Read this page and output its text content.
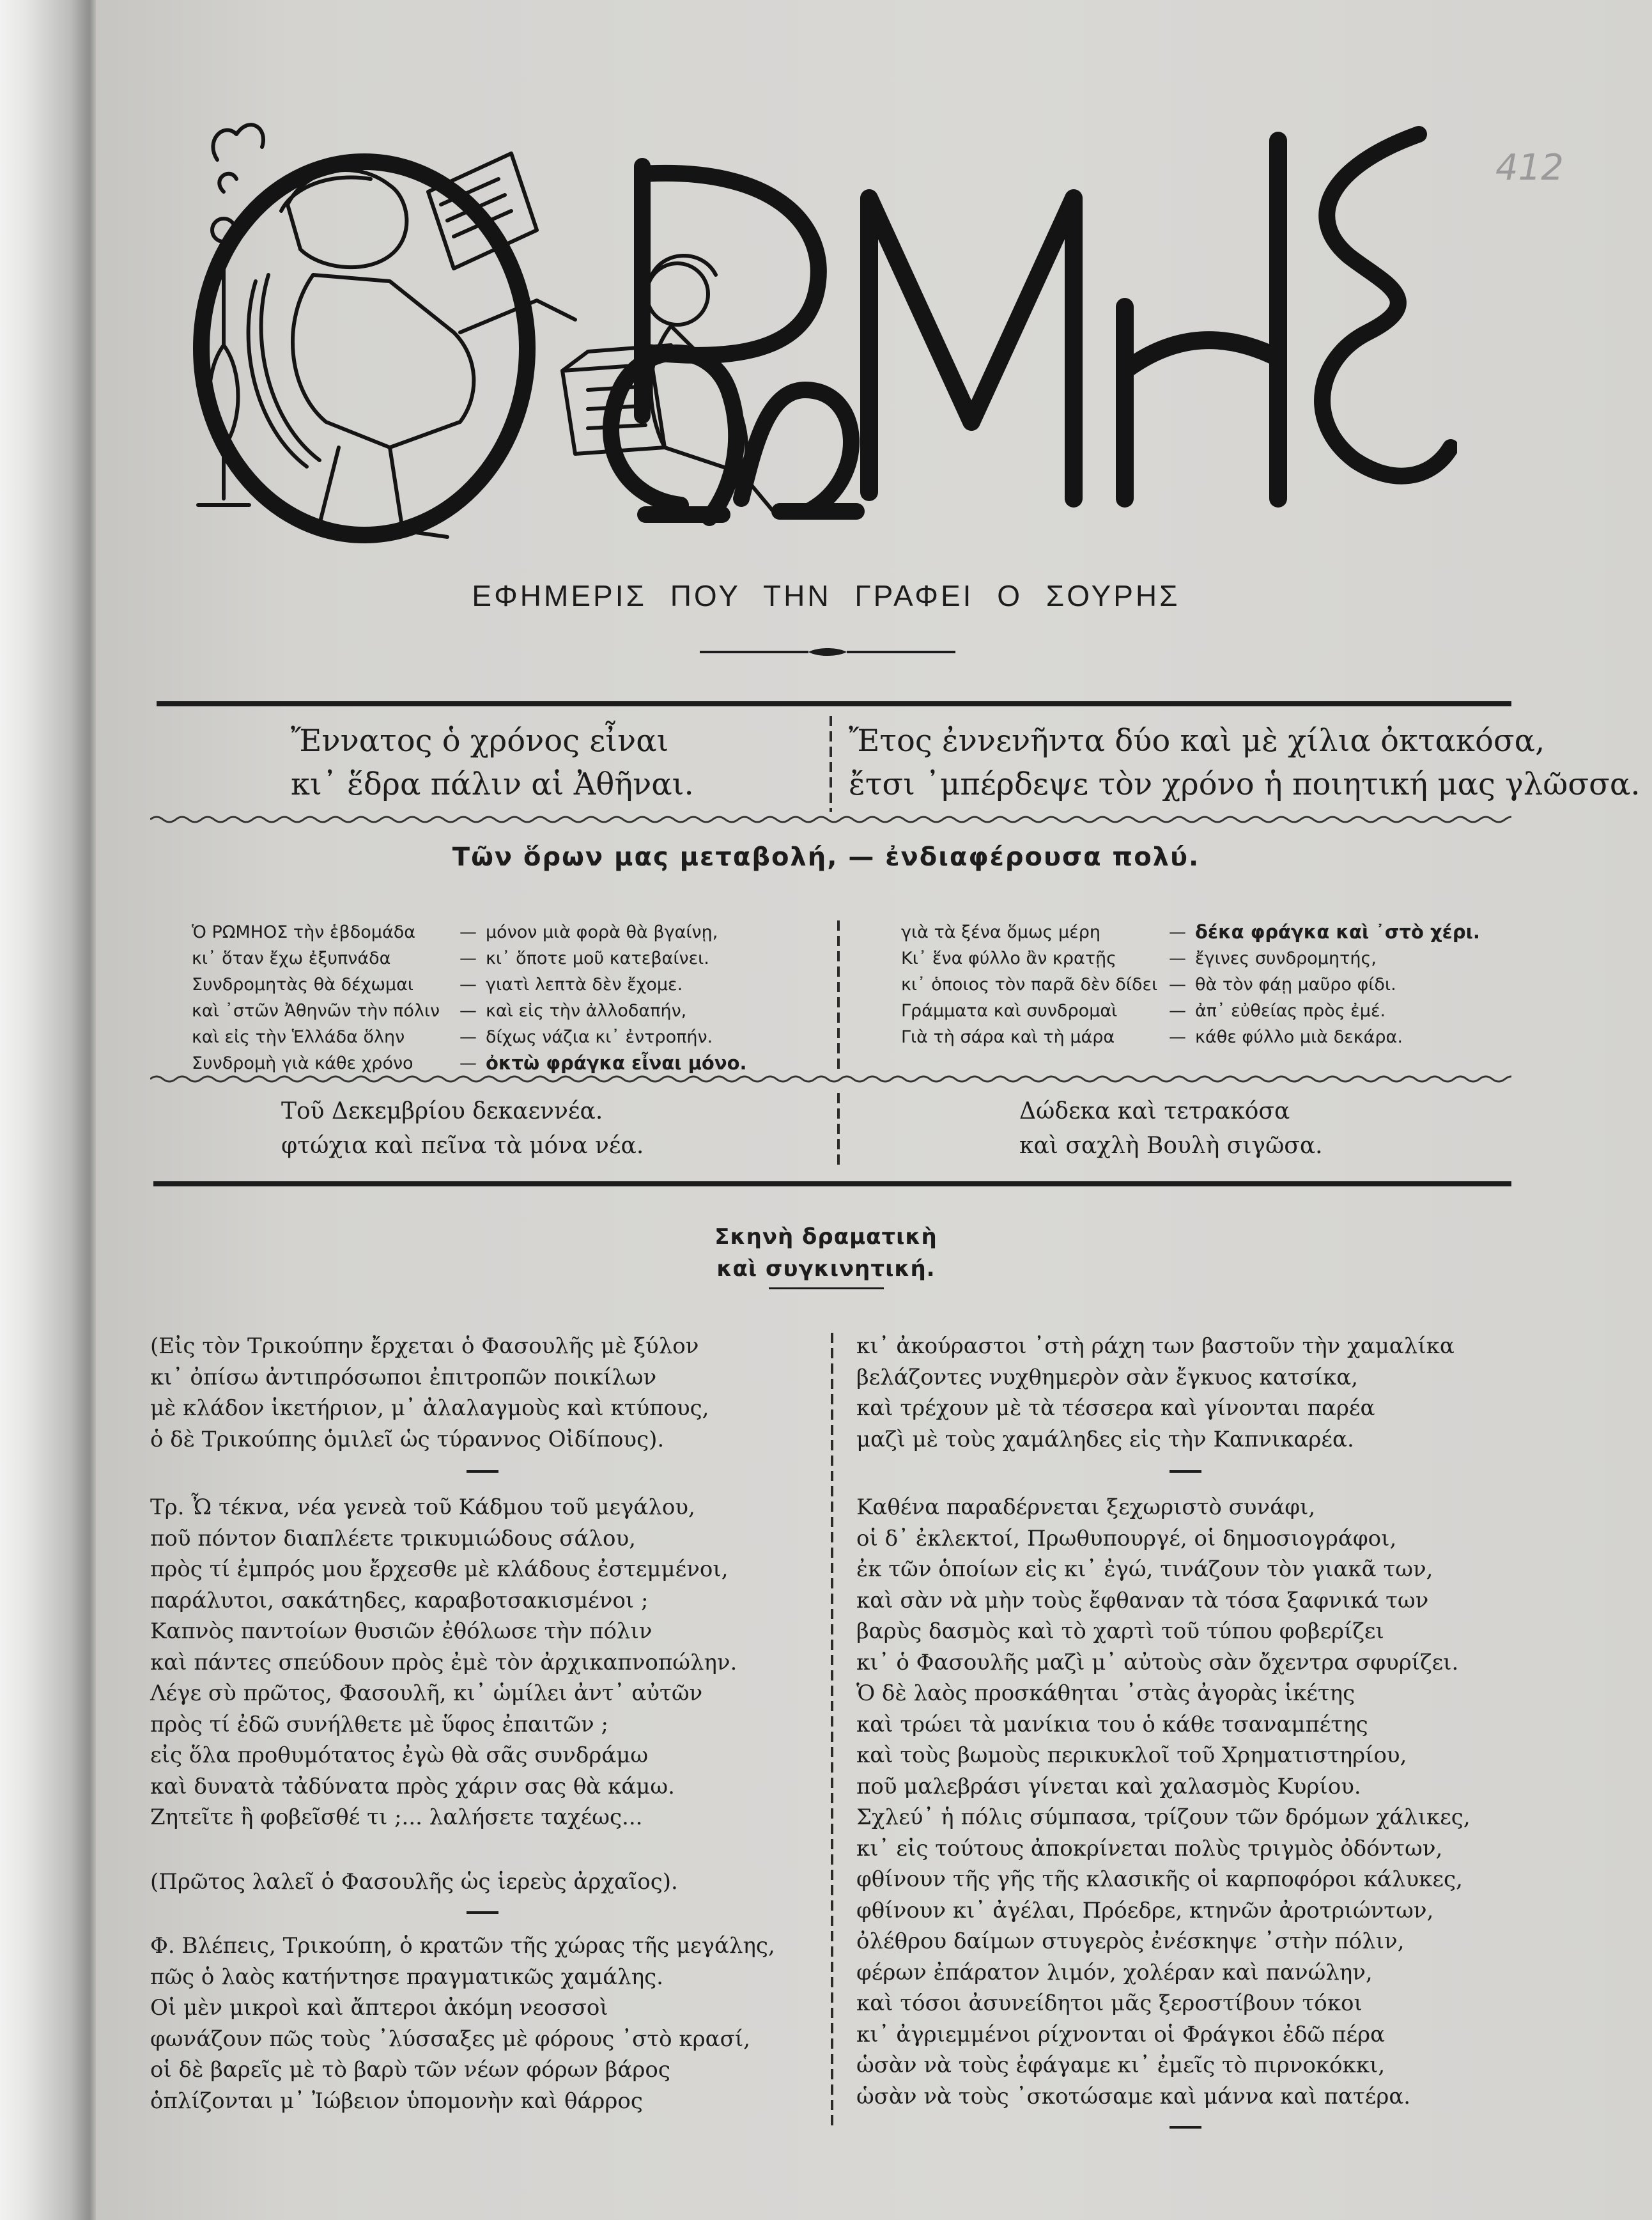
412
ΕΦΗΜΕΡΙΣ ΠΟΥ ΤΗΝ ΓΡΑΦΕΙ Ο ΣΟΥΡΗΣ
Ἔννατος ὁ χρόνος εἶναι
κι᾽ ἕδρα πάλιν αἱ Ἀθῆναι.
Ἔτος ἐννενῆντα δύο καὶ μὲ χίλια ὀκτακόσα,
ἔτσι ᾽μπέρδεψε τὸν χρόνο ἡ ποιητική μας γλῶσσα.
Τῶν ὅρων μας μεταβολή, — ἐνδιαφέρουσα πολύ.
Ὁ ΡΩΜΗΟΣ τὴν ἑβδομάδα	— μόνον μιὰ φορὰ θὰ βγαίνῃ,
κι᾽ ὅταν ἔχω ἐξυπνάδα	— κι᾽ ὅποτε μοῦ κατεβαίνει.
Συνδρομητὰς θὰ δέχωμαι	— γιατὶ λεπτὰ δὲν ἔχομε.
καὶ ᾽στῶν Ἀθηνῶν τὴν πόλιν	— καὶ εἰς τὴν ἀλλοδαπήν,
καὶ εἰς τὴν Ἑλλάδα ὅλην	— δίχως νάζια κι᾽ ἐντροπήν.
Συνδρομὴ γιὰ κάθε χρόνο	— ὀκτὼ φράγκα εἶναι μόνο.
γιὰ τὰ ξένα ὅμως μέρη	— δέκα φράγκα καὶ ᾽στὸ χέρι.
Κι᾽ ἕνα φύλλο ἂν κρατῇς	— ἔγινες συνδρομητής,
κι᾽ ὁποιος τὸν παρᾶ δὲν δίδει — θὰ τὸν φάῃ μαῦρο φίδι.
Γράμματα καὶ συνδρομαὶ	— ἀπ᾽ εὐθείας πρὸς ἐμέ.
Γιὰ τὴ σάρα καὶ τὴ μάρα	— κάθε φύλλο μιὰ δεκάρα.
Τοῦ Δεκεμβρίου δεκαεννέα.
φτώχια καὶ πεῖνα τὰ μόνα νέα.
Δώδεκα καὶ τετρακόσα
καὶ σαχλὴ Βουλὴ σιγῶσα.
Σκηνὴ δραματικὴ
καὶ συγκινητική.

(Εἰς τὸν Τρικούπην ἔρχεται ὁ Φασουλῆς μὲ ξύλον

κι᾽ ὀπίσω ἀντιπρόσωποι ἐπιτροπῶν ποικίλων

μὲ κλάδον ἱκετήριον, μ᾽ ἀλαλαγμοὺς καὶ κτύπους,

ὁ δὲ Τρικούπης ὁμιλεῖ ὡς τύραννος Οἰδίπους).

Τρ. Ὦ τέκνα, νέα γενεὰ τοῦ Κάδμου τοῦ μεγάλου,

ποῦ πόντον διαπλέετε τρικυμιώδους σάλου,

πρὸς τί ἐμπρός μου ἔρχεσθε μὲ κλάδους ἐστεμμένοι,

παράλυτοι, σακάτηδες, καραβοτσακισμένοι ;

Καπνὸς παντοίων θυσιῶν ἐθόλωσε τὴν πόλιν

καὶ πάντες σπεύδουν πρὸς ἐμὲ τὸν ἀρχικαπνοπώλην.

Λέγε σὺ πρῶτος, Φασουλῆ, κι᾽ ὡμίλει ἀντ᾽ αὐτῶν

πρὸς τί ἐδῶ συνήλθετε μὲ ὕφος ἐπαιτῶν ;

εἰς ὅλα προθυμότατος ἐγὼ θὰ σᾶς συνδράμω

καὶ δυνατὰ τἀδύνατα πρὸς χάριν σας θὰ κάμω.

Ζητεῖτε ἢ φοβεῖσθέ τι ;... λαλήσετε ταχέως...

(Πρῶτος λαλεῖ ὁ Φασουλῆς ὡς ἱερεὺς ἀρχαῖος).

Φ. Βλέπεις, Τρικούπη, ὁ κρατῶν τῆς χώρας τῆς μεγάλης,

πῶς ὁ λαὸς κατήντησε πραγματικῶς χαμάλης.

Οἱ μὲν μικροὶ καὶ ἄπτεροι ἀκόμη νεοσσοὶ

φωνάζουν πῶς τοὺς ᾽λύσσαξες μὲ φόρους ᾽στὸ κρασί,

οἱ δὲ βαρεῖς μὲ τὸ βαρὺ τῶν νέων φόρων βάρος

ὁπλίζονται μ᾽ Ἰώβειον ὑπομονὴν καὶ θάρρος

κι᾽ ἀκούραστοι ᾽στὴ ράχη των βαστοῦν τὴν χαμαλίκα

βελάζοντες νυχθημερὸν σὰν ἔγκυος κατσίκα,

καὶ τρέχουν μὲ τὰ τέσσερα καὶ γίνονται παρέα

μαζὶ μὲ τοὺς χαμάληδες εἰς τὴν Καπνικαρέα.

Καθένα παραδέρνεται ξεχωριστὸ συνάφι,

οἱ δ᾽ ἐκλεκτοί, Πρωθυπουργέ, οἱ δημοσιογράφοι,

ἐκ τῶν ὁποίων εἰς κι᾽ ἐγώ, τινάζουν τὸν γιακᾶ των,

καὶ σὰν νὰ μὴν τοὺς ἔφθαναν τὰ τόσα ξαφνικά των

βαρὺς δασμὸς καὶ τὸ χαρτὶ τοῦ τύπου φοβερίζει

κι᾽ ὁ Φασουλῆς μαζὶ μ᾽ αὐτοὺς σὰν ὄχεντρα σφυρίζει.

Ὁ δὲ λαὸς προσκάθηται ᾽στὰς ἀγορὰς ἱκέτης

καὶ τρώει τὰ μανίκια του ὁ κάθε τσαναμπέτης

καὶ τοὺς βωμοὺς περικυκλοῖ τοῦ Χρηματιστηρίου,

ποῦ μαλεβράσι γίνεται καὶ χαλασμὸς Κυρίου.

Σχλεύ᾽ ἡ πόλις σύμπασα, τρίζουν τῶν δρόμων χάλικες,

κι᾽ εἰς τούτους ἀποκρίνεται πολὺς τριγμὸς ὀδόντων,

φθίνουν τῆς γῆς τῆς κλασικῆς οἱ καρποφόροι κάλυκες,

φθίνουν κι᾽ ἀγέλαι, Πρόεδρε, κτηνῶν ἀροτριώντων,

ὀλέθρου δαίμων στυγερὸς ἐνέσκηψε ᾽στὴν πόλιν,

φέρων ἐπάρατον λιμόν, χολέραν καὶ πανώλην,

καὶ τόσοι ἀσυνείδητοι μᾶς ξεροστίβουν τόκοι

κι᾽ ἀγριεμμένοι ρίχνονται οἱ Φράγκοι ἐδῶ πέρα

ὡσὰν νὰ τοὺς ἐφάγαμε κι᾽ ἐμεῖς τὸ πιρνοκόκκι,

ὡσὰν νὰ τοὺς ᾽σκοτώσαμε καὶ μάννα καὶ πατέρα.
